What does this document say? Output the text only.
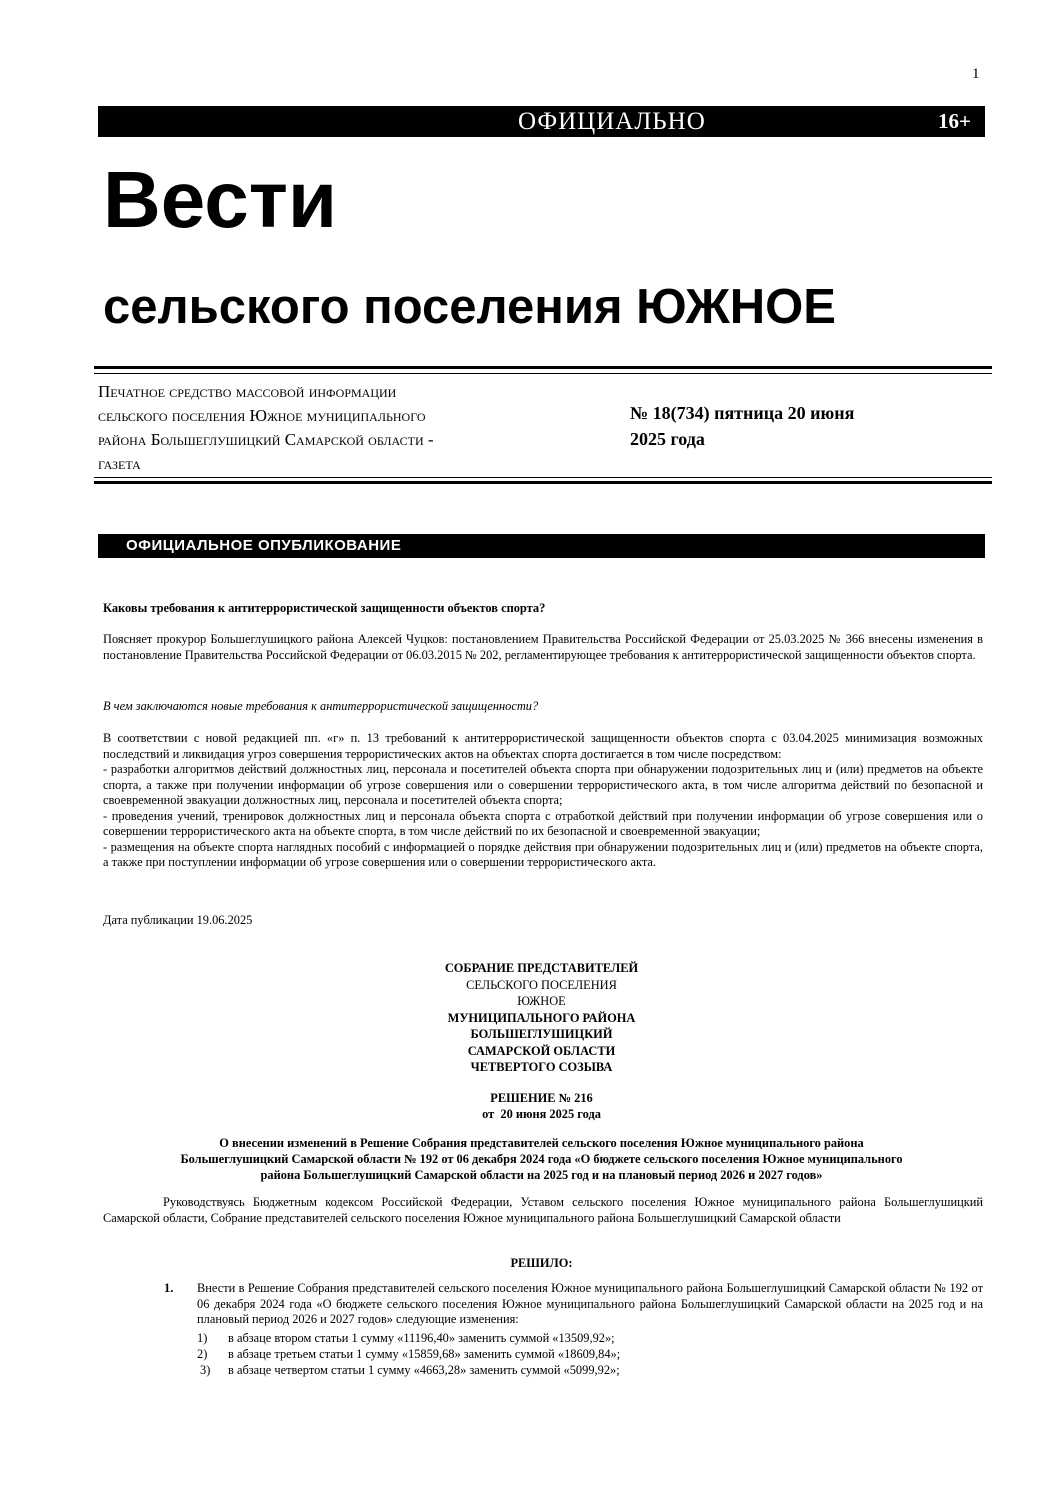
1
ОФИЦИАЛЬНО	16+
Вести
сельского поселения ЮЖНОЕ
Печатное средство массовой информации
сельского поселения Южное муниципального
района Большеглушицкий Самарской области -
газета
№ 18(734) пятница 20 июня
2025 года
ОФИЦИАЛЬНОЕ ОПУБЛИКОВАНИЕ
Каковы требования к антитеррористической защищенности объектов спорта?
Поясняет прокурор Большеглушицкого района Алексей Чуцков: постановлением Правительства Российской Федерации от 25.03.2025 № 366 внесены изменения в постановление Правительства Российской Федерации от 06.03.2015 № 202, регламентирующее требования к антитеррористической защищенности объектов спорта.
В чем заключаются новые требования к антитеррористической защищенности?
В соответствии с новой редакцией пп. «г» п. 13 требований к антитеррористической защищенности объектов спорта с 03.04.2025 минимизация возможных последствий и ликвидация угроз совершения террористических актов на объектах спорта достигается в том числе посредством:
- разработки алгоритмов действий должностных лиц, персонала и посетителей объекта спорта при обнаружении подозрительных лиц и (или) предметов на объекте спорта, а также при получении информации об угрозе совершения или о совершении террористического акта, в том числе алгоритма действий по безопасной и своевременной эвакуации должностных лиц, персонала и посетителей объекта спорта;
- проведения учений, тренировок должностных лиц и персонала объекта спорта с отработкой действий при получении информации об угрозе совершения или о совершении террористического акта на объекте спорта, в том числе действий по их безопасной и своевременной эвакуации;
- размещения на объекте спорта наглядных пособий с информацией о порядке действия при обнаружении подозрительных лиц и (или) предметов на объекте спорта, а также при поступлении информации об угрозе совершения или о совершении террористического акта.
Дата публикации 19.06.2025
СОБРАНИЕ ПРЕДСТАВИТЕЛЕЙ
СЕЛЬСКОГО ПОСЕЛЕНИЯ
ЮЖНОЕ
МУНИЦИПАЛЬНОГО РАЙОНА
БОЛЬШЕГЛУШИЦКИЙ
САМАРСКОЙ ОБЛАСТИ
ЧЕТВЕРТОГО СОЗЫВА
РЕШЕНИЕ № 216
от  20 июня 2025 года
О внесении изменений в Решение Собрания представителей сельского поселения Южное муниципального района
Большеглушицкий Самарской области № 192 от 06 декабря 2024 года «О бюджете сельского поселения Южное муниципального
района Большеглушицкий Самарской области на 2025 год и на плановый период 2026 и 2027 годов»
Руководствуясь Бюджетным кодексом Российской Федерации, Уставом сельского поселения Южное муниципального района Большеглушицкий Самарской области, Собрание представителей сельского поселения Южное муниципального района Большеглушицкий Самарской области
РЕШИЛО:
1. Внести в Решение Собрания представителей сельского поселения Южное муниципального района Большеглушицкий Самарской области № 192 от 06 декабря 2024 года «О бюджете сельского поселения Южное муниципального района Большеглушицкий Самарской области на 2025 год и на плановый период 2026 и 2027 годов» следующие изменения:
1) в абзаце втором статьи 1 сумму «11196,40» заменить суммой «13509,92»;
2) в абзаце третьем статьи 1 сумму «15859,68» заменить суммой «18609,84»;
3) в абзаце четвертом статьи 1 сумму «4663,28» заменить суммой «5099,92»;
